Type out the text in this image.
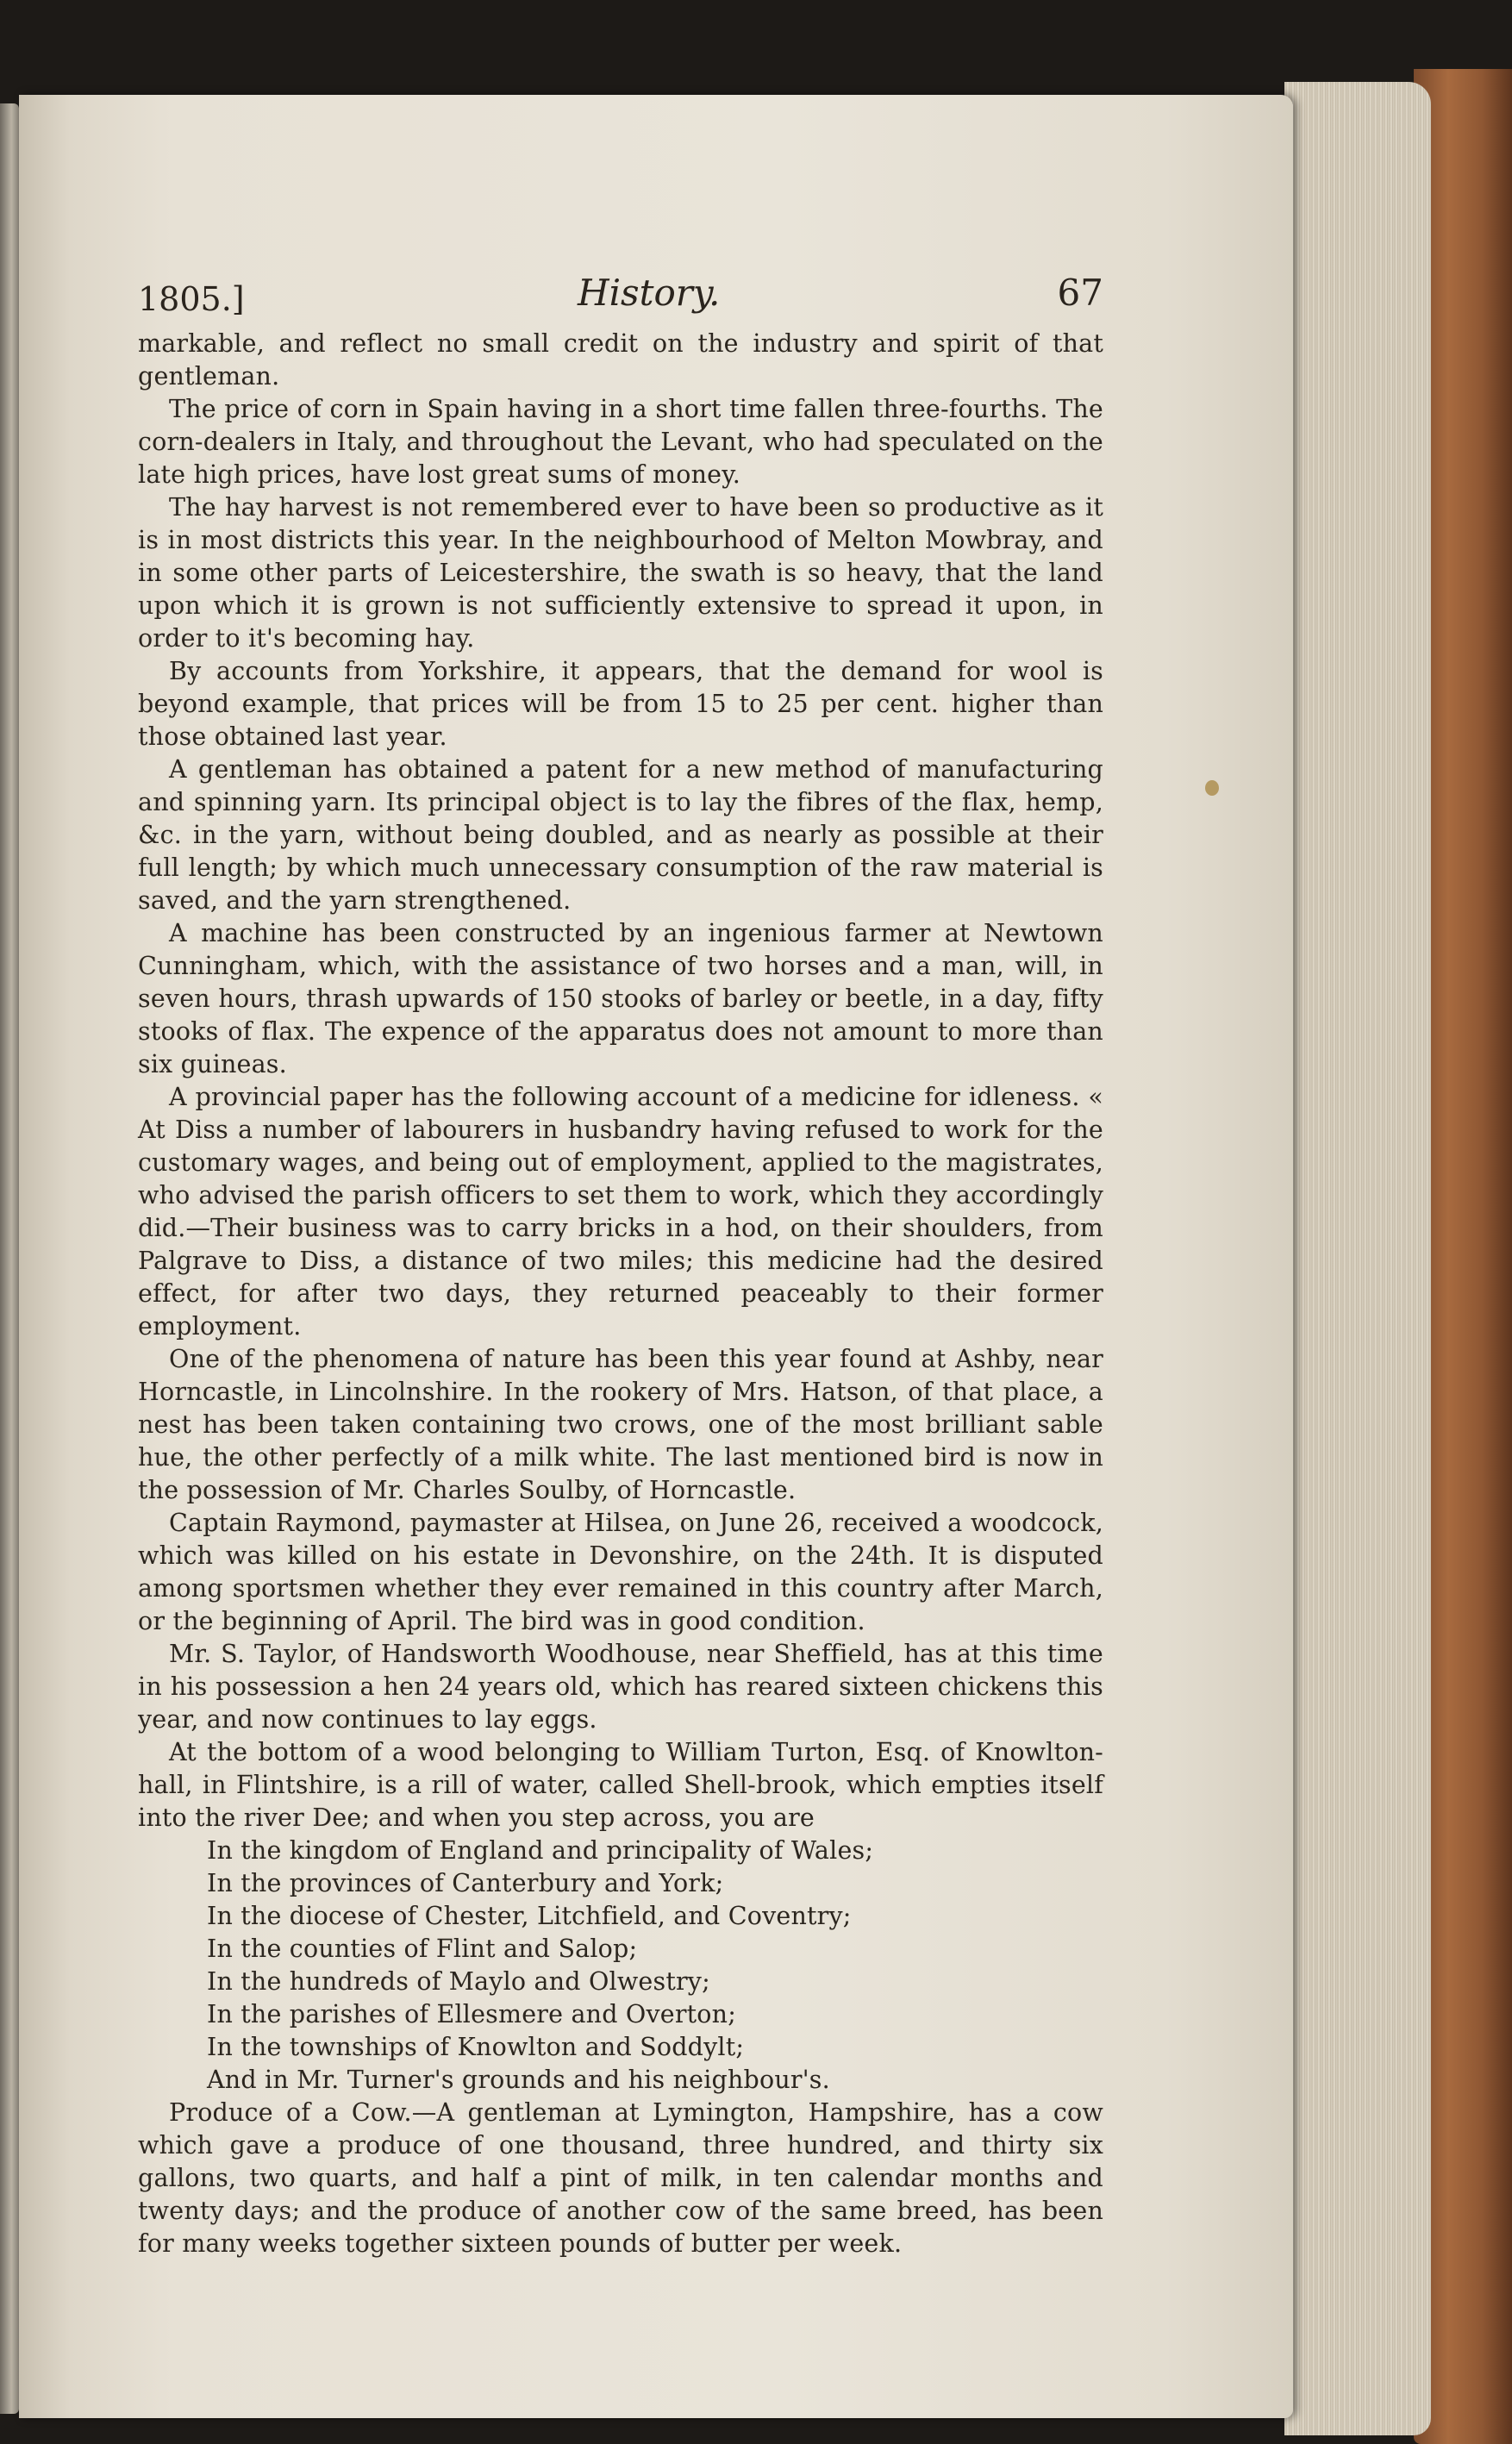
1805.]	History.	67

markable, and reflect no small credit on the industry and spirit of that gentleman.

The price of corn in Spain having in a short time fallen three-fourths. The corn-dealers in Italy, and throughout the Levant, who had speculated on the late high prices, have lost great sums of money.

The hay harvest is not remembered ever to have been so productive as it is in most districts this year. In the neighbourhood of Melton Mowbray, and in some other parts of Leicestershire, the swath is so heavy, that the land upon which it is grown is not sufficiently extensive to spread it upon, in order to it's becoming hay.

By accounts from Yorkshire, it appears, that the demand for wool is beyond example, that prices will be from 15 to 25 per cent. higher than those obtained last year.

A gentleman has obtained a patent for a new method of manufacturing and spinning yarn. Its principal object is to lay the fibres of the flax, hemp, &c. in the yarn, without being doubled, and as nearly as possible at their full length; by which much unnecessary consumption of the raw material is saved, and the yarn strengthened.

A machine has been constructed by an ingenious farmer at Newtown Cunningham, which, with the assistance of two horses and a man, will, in seven hours, thrash upwards of 150 stooks of barley or beetle, in a day, fifty stooks of flax. The expence of the apparatus does not amount to more than six guineas.

A provincial paper has the following account of a medicine for idleness. « At Diss a number of labourers in husbandry having refused to work for the customary wages, and being out of employment, applied to the magistrates, who advised the parish officers to set them to work, which they accordingly did.—Their business was to carry bricks in a hod, on their shoulders, from Palgrave to Diss, a distance of two miles; this medicine had the desired effect, for after two days, they returned peaceably to their former employment.

One of the phenomena of nature has been this year found at Ashby, near Horncastle, in Lincolnshire. In the rookery of Mrs. Hatson, of that place, a nest has been taken containing two crows, one of the most brilliant sable hue, the other perfectly of a milk white. The last mentioned bird is now in the possession of Mr. Charles Soulby, of Horncastle.

Captain Raymond, paymaster at Hilsea, on June 26, received a woodcock, which was killed on his estate in Devonshire, on the 24th. It is disputed among sportsmen whether they ever remained in this country after March, or the beginning of April. The bird was in good condition.

Mr. S. Taylor, of Handsworth Woodhouse, near Sheffield, has at this time in his possession a hen 24 years old, which has reared sixteen chickens this year, and now continues to lay eggs.

At the bottom of a wood belonging to William Turton, Esq. of Knowlton-hall, in Flintshire, is a rill of water, called Shell-brook, which empties itself into the river Dee; and when you step across, you are

In the kingdom of England and principality of Wales;
In the provinces of Canterbury and York;
In the diocese of Chester, Litchfield, and Coventry;
In the counties of Flint and Salop;
In the hundreds of Maylo and Olwestry;
In the parishes of Ellesmere and Overton;
In the townships of Knowlton and Soddylt;
And in Mr. Turner's grounds and his neighbour's.

Produce of a Cow.—A gentleman at Lymington, Hampshire, has a cow which gave a produce of one thousand, three hundred, and thirty six gallons, two quarts, and half a pint of milk, in ten calendar months and twenty days; and the produce of another cow of the same breed, has been for many weeks together sixteen pounds of butter per week.
